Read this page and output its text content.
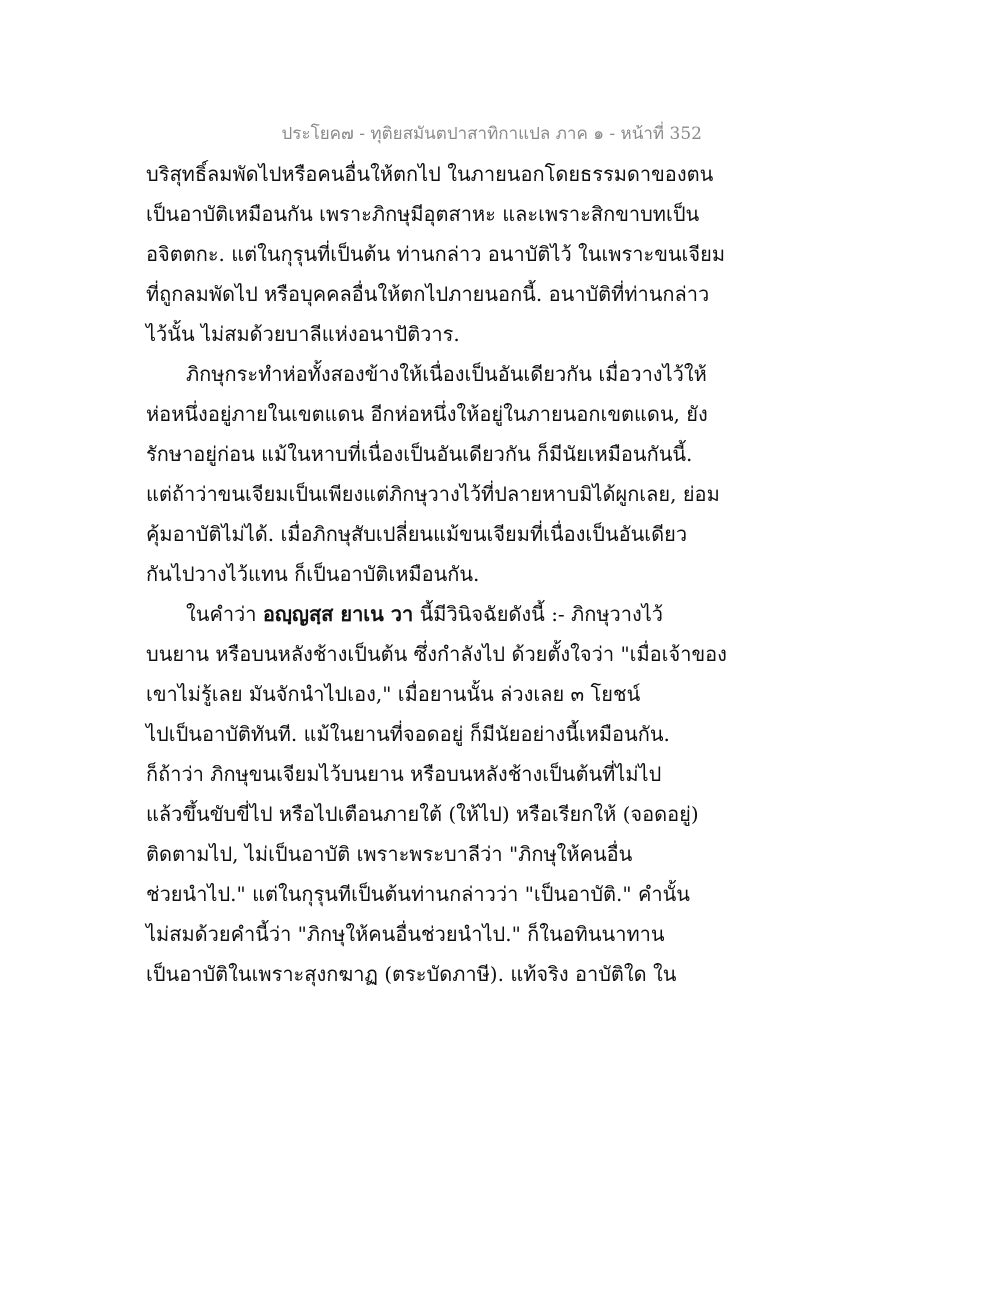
ประโยค๗ - ทุติยสมันตปาสาทิกาแปล ภาค ๑ - หน้าที่ 352
บริสุทธิ์ลมพัดไปหรือคนอื่นให้ตกไป ในภายนอกโดยธรรมดาของตน
เป็นอาบัติเหมือนกัน เพราะภิกษุมีอุตสาหะ และเพราะสิกขาบทเป็น
อจิตตกะ. แต่ในกุรุนที่เป็นต้น ท่านกล่าว อนาบัติไว้ ในเพราะขนเจียม
ที่ถูกลมพัดไป หรือบุคคลอื่นให้ตกไปภายนอกนี้. อนาบัติที่ท่านกล่าว
ไว้นั้น ไม่สมด้วยบาลีแห่งอนาปัติวาร.
ภิกษุกระทำห่อทั้งสองข้างให้เนื่องเป็นอันเดียวกัน เมื่อวางไว้ให้
ห่อหนึ่งอยู่ภายในเขตแดน อีกห่อหนึ่งให้อยู่ในภายนอกเขตแดน, ยัง
รักษาอยู่ก่อน แม้ในหาบที่เนื่องเป็นอันเดียวกัน ก็มีนัยเหมือนกันนี้.
แต่ถ้าว่าขนเจียมเป็นเพียงแต่ภิกษุวางไว้ที่ปลายหาบมิได้ผูกเลย, ย่อม
คุ้มอาบัติไม่ได้. เมื่อภิกษุสับเปลี่ยนแม้ขนเจียมที่เนื่องเป็นอันเดียว
กันไปวางไว้แทน ก็เป็นอาบัติเหมือนกัน.
ในคำว่า อญฺญสฺส ยาเน วา นี้มีวินิจฉัยดังนี้ :- ภิกษุวางไว้
บนยาน หรือบนหลังช้างเป็นต้น ซึ่งกำลังไป ด้วยตั้งใจว่า "เมื่อเจ้าของ
เขาไม่รู้เลย มันจักนำไปเอง," เมื่อยานนั้น ล่วงเลย ๓ โยชน์
ไปเป็นอาบัติทันที. แม้ในยานที่จอดอยู่ ก็มีนัยอย่างนี้เหมือนกัน.
ก็ถ้าว่า ภิกษุขนเจียมไว้บนยาน หรือบนหลังช้างเป็นต้นที่ไม่ไป
แล้วขึ้นขับขี่ไป หรือไปเตือนภายใต้ (ให้ไป) หรือเรียกให้ (จอดอยู่)
ติดตามไป, ไม่เป็นอาบัติ เพราะพระบาลีว่า "ภิกษุให้คนอื่น
ช่วยนำไป." แต่ในกุรุนทีเป็นต้นท่านกล่าวว่า "เป็นอาบัติ." คำนั้น
ไม่สมด้วยคำนี้ว่า "ภิกษุให้คนอื่นช่วยนำไป." ก็ในอทินนาทาน
เป็นอาบัติในเพราะสุงกฆาฏ (ตระบัดภาษี). แท้จริง อาบัติใด ใน
